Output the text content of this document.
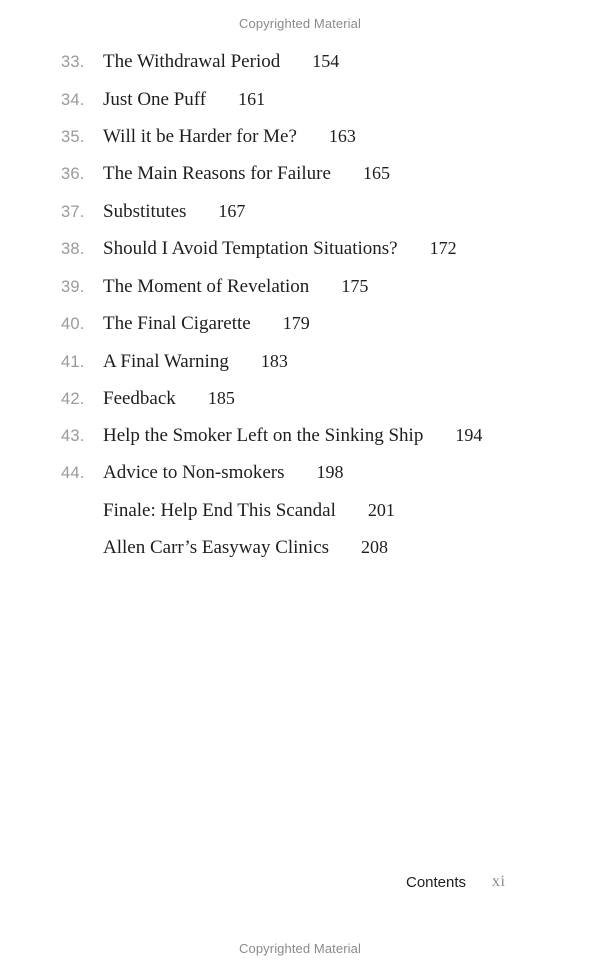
Copyrighted Material
33. The Withdrawal Period 154
34. Just One Puff 161
35. Will it be Harder for Me? 163
36. The Main Reasons for Failure 165
37. Substitutes 167
38. Should I Avoid Temptation Situations? 172
39. The Moment of Revelation 175
40. The Final Cigarette 179
41. A Final Warning 183
42. Feedback 185
43. Help the Smoker Left on the Sinking Ship 194
44. Advice to Non-smokers 198
Finale: Help End This Scandal 201
Allen Carr’s Easyway Clinics 208
Contents xi
Copyrighted Material
